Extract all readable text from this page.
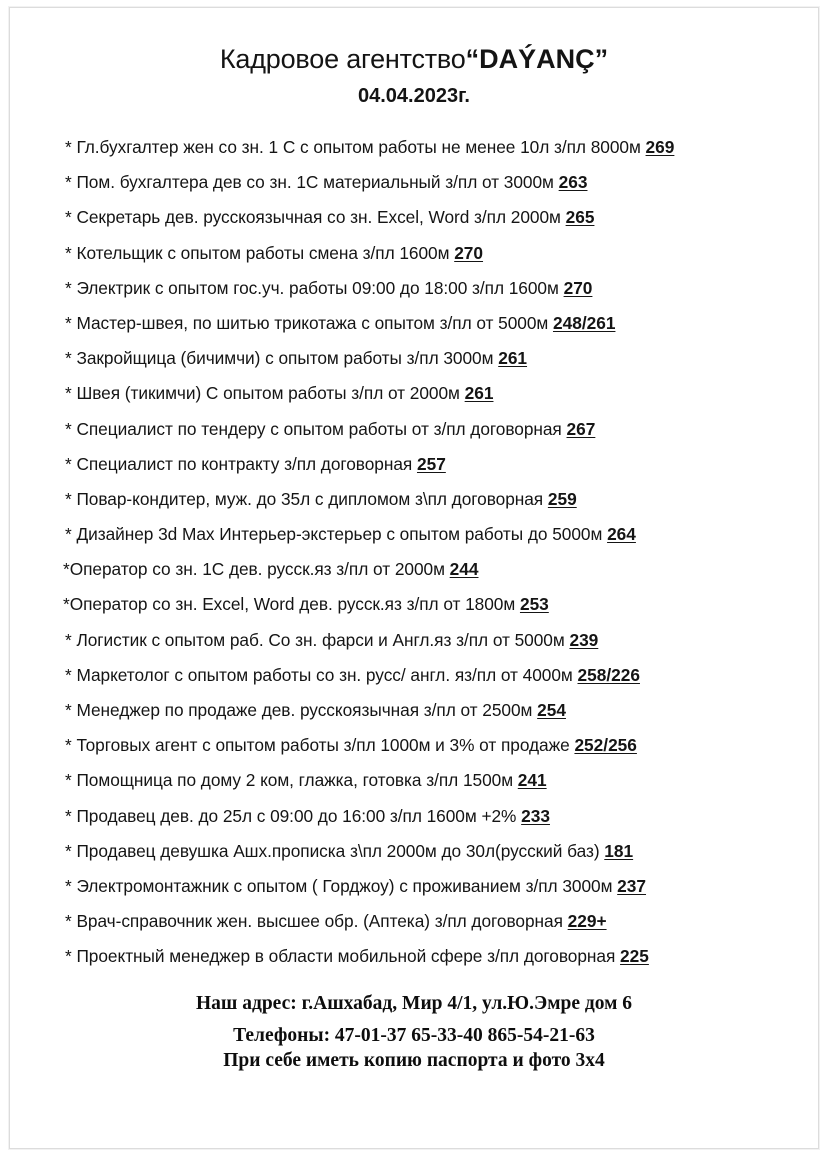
Кадровое агентство“DAÝANÇ”
04.04.2023г.
* Гл.бухгалтер жен со зн. 1 С с опытом работы не менее 10л з/пл 8000м 269
* Пом. бухгалтера дев со зн. 1С материальный з/пл от 3000м 263
* Секретарь дев. русскоязычная со зн. Excel, Word з/пл 2000м 265
* Котельщик с опытом работы смена з/пл 1600м 270
* Электрик с опытом гос.уч. работы 09:00 до 18:00 з/пл 1600м 270
* Мастер-швея, по шитью трикотажа с опытом з/пл от 5000м 248/261
* Закройщица (бичимчи) с опытом работы з/пл 3000м 261
* Швея (тикимчи) С опытом работы з/пл от 2000м 261
* Специалист по тендеру с опытом работы от з/пл договорная 267
* Специалист по контракту з/пл договорная 257
* Повар-кондитер, муж. до 35л с дипломом з\пл договорная 259
* Дизайнер 3d Max Интерьер-экстерьер с опытом работы до 5000м 264
*Оператор со зн. 1С дев. русск.яз з/пл от 2000м 244
*Оператор со зн. Excel, Word дев. русск.яз з/пл от 1800м 253
* Логистик с опытом раб. Со зн. фарси и Англ.яз з/пл от 5000м 239
* Маркетолог с опытом работы со зн. русс/ англ. яз/пл от 4000м 258/226
* Менеджер по продаже дев. русскоязычная з/пл от 2500м 254
* Торговых агент с опытом работы з/пл 1000м и 3% от продаже 252/256
* Помощница по дому 2 ком, глажка, готовка з/пл 1500м 241
* Продавец дев. до 25л с 09:00 до 16:00 з/пл 1600м +2% 233
* Продавец девушка Ашх.прописка з\пл 2000м до 30л(русский баз) 181
* Электромонтажник с опытом ( Горджоу) с проживанием з/пл 3000м 237
* Врач-справочник жен. высшее обр. (Аптека) з/пл договорная 229+
* Проектный менеджер в области мобильной сфере з/пл договорная 225
Наш адрес: г.Ашхабад, Мир 4/1, ул.Ю.Эмре дом 6
Телефоны: 47-01-37 65-33-40 865-54-21-63
При себе иметь копию паспорта и фото 3х4
